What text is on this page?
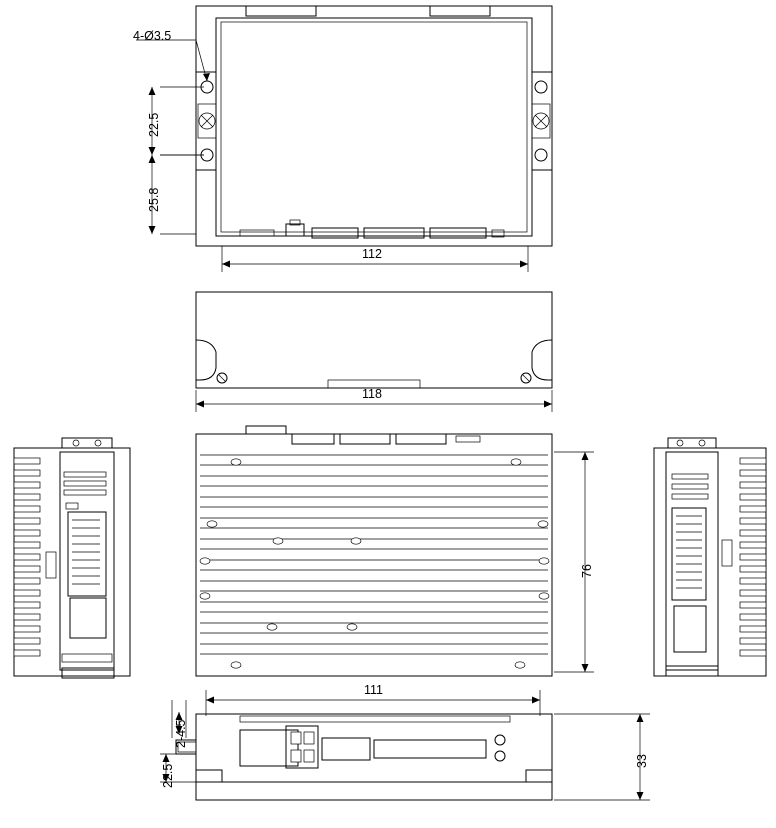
4-Ø3.5
22.5
25.8
112
118
76
2-4.5
22.5
111
33
